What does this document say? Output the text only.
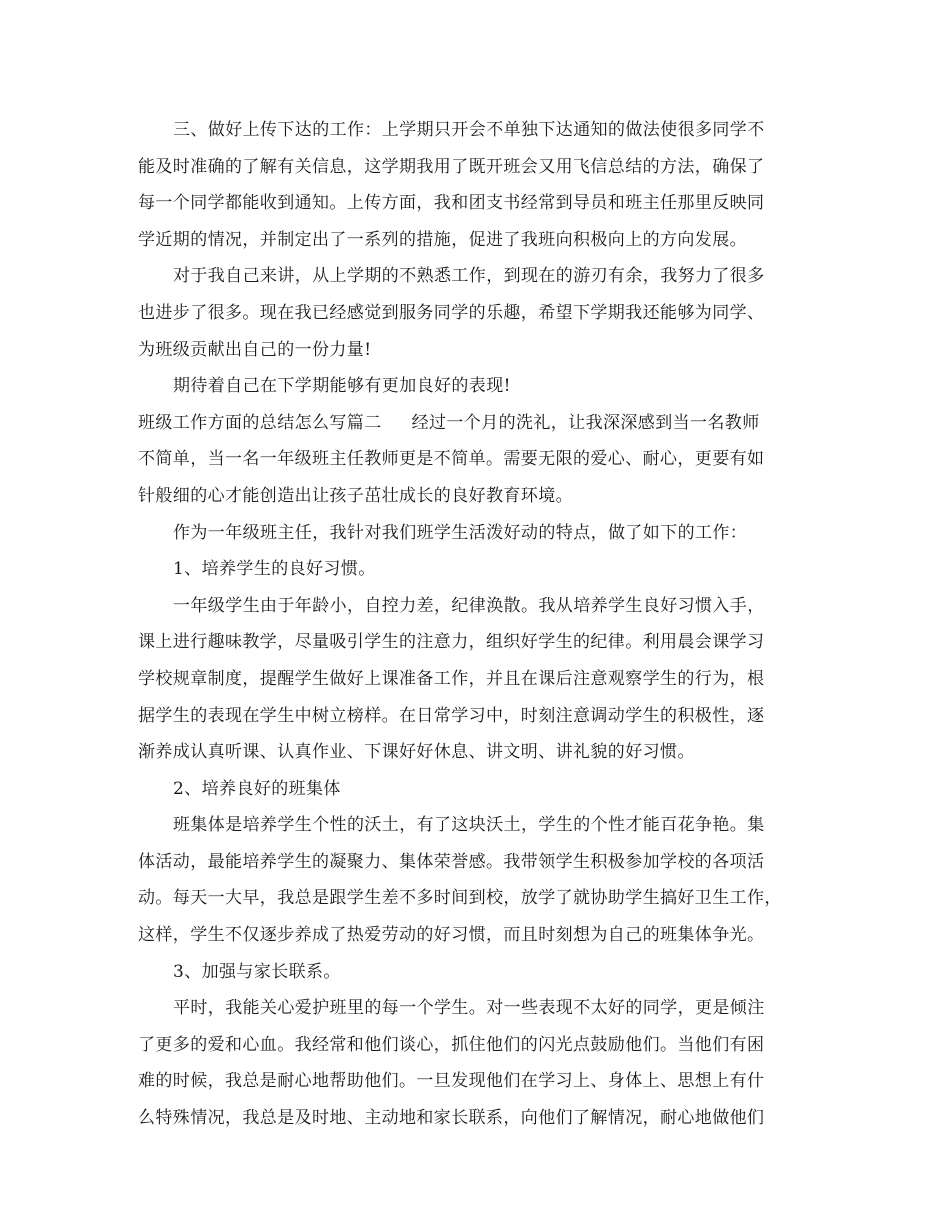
三、做好上传下达的工作：上学期只开会不单独下达通知的做法使很多同学不
能及时准确的了解有关信息，这学期我用了既开班会又用飞信总结的方法，确保了
每一个同学都能收到通知。上传方面，我和团支书经常到导员和班主任那里反映同
学近期的情况，并制定出了一系列的措施，促进了我班向积极向上的方向发展。
对于我自己来讲，从上学期的不熟悉工作，到现在的游刃有余，我努力了很多
也进步了很多。现在我已经感觉到服务同学的乐趣，希望下学期我还能够为同学、
为班级贡献出自己的一份力量!
期待着自己在下学期能够有更加良好的表现!
班级工作方面的总结怎么写篇二 经过一个月的洗礼，让我深深感到当一名教师
不简单，当一名一年级班主任教师更是不简单。需要无限的爱心、耐心，更要有如
针般细的心才能创造出让孩子茁壮成长的良好教育环境。
作为一年级班主任，我针对我们班学生活泼好动的特点，做了如下的工作：
1、培养学生的良好习惯。
一年级学生由于年龄小，自控力差，纪律涣散。我从培养学生良好习惯入手，
课上进行趣味教学，尽量吸引学生的注意力，组织好学生的纪律。利用晨会课学习
学校规章制度，提醒学生做好上课准备工作，并且在课后注意观察学生的行为，根
据学生的表现在学生中树立榜样。在日常学习中，时刻注意调动学生的积极性，逐
渐养成认真听课、认真作业、下课好好休息、讲文明、讲礼貌的好习惯。
2、培养良好的班集体
班集体是培养学生个性的沃土，有了这块沃土，学生的个性才能百花争艳。集
体活动，最能培养学生的凝聚力、集体荣誉感。我带领学生积极参加学校的各项活
动。每天一大早，我总是跟学生差不多时间到校，放学了就协助学生搞好卫生工作，
这样，学生不仅逐步养成了热爱劳动的好习惯，而且时刻想为自己的班集体争光。
3、加强与家长联系。
平时，我能关心爱护班里的每一个学生。对一些表现不太好的同学，更是倾注
了更多的爱和心血。我经常和他们谈心，抓住他们的闪光点鼓励他们。当他们有困
难的时候，我总是耐心地帮助他们。一旦发现他们在学习上、身体上、思想上有什
么特殊情况，我总是及时地、主动地和家长联系，向他们了解情况，耐心地做他们
